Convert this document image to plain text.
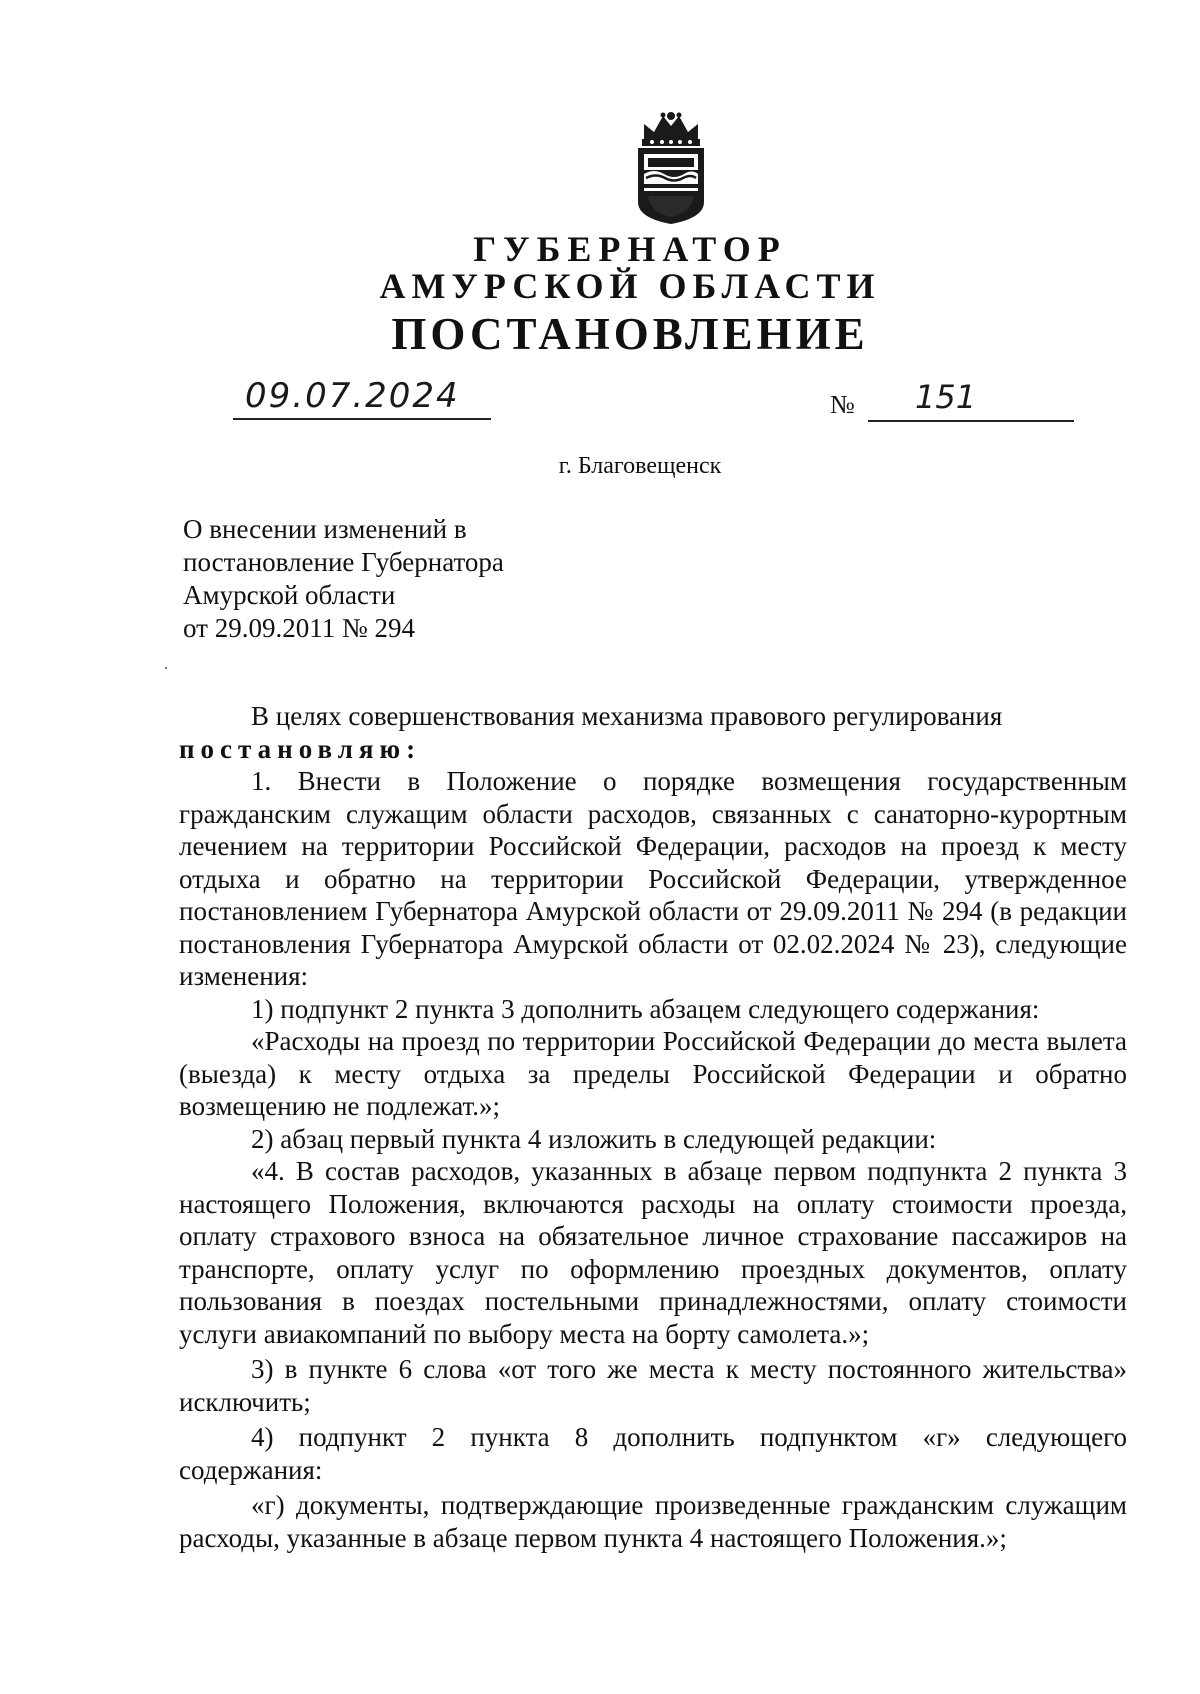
ГУБЕРНАТОР
АМУРСКОЙ ОБЛАСТИ
ПОСТАНОВЛЕНИЕ
09.07.2024	№ 151
г. Благовещенск
О внесении изменений в
постановление Губернатора
Амурской области
от 29.09.2011 № 294

В целях совершенствования механизма правового регулирования

постановляю:

1. Внести в Положение о порядке возмещения государственным гражданским служащим области расходов, связанных с санаторно-курортным лечением на территории Российской Федерации, расходов на проезд к месту отдыха и обратно на территории Российской Федерации, утвержденное постановлением Губернатора Амурской области от 29.09.2011 № 294 (в редакции постановления Губернатора Амурской области от 02.02.2024 № 23), следующие изменения:

1) подпункт 2 пункта 3 дополнить абзацем следующего содержания:

«Расходы на проезд по территории Российской Федерации до места вылета (выезда) к месту отдыха за пределы Российской Федерации и обратно возмещению не подлежат.»;

2) абзац первый пункта 4 изложить в следующей редакции:

«4. В состав расходов, указанных в абзаце первом подпункта 2 пункта 3 настоящего Положения, включаются расходы на оплату стоимости проезда, оплату страхового взноса на обязательное личное страхование пассажиров на транспорте, оплату услуг по оформлению проездных документов, оплату пользования в поездах постельными принадлежностями, оплату стоимости услуги авиакомпаний по выбору места на борту самолета.»;

3) в пункте 6 слова «от того же места к месту постоянного жительства» исключить;

4) подпункт 2 пункта 8 дополнить подпунктом «г» следующего содержания:

«г) документы, подтверждающие произведенные гражданским служащим расходы, указанные в абзаце первом пункта 4 настоящего Положения.»;
